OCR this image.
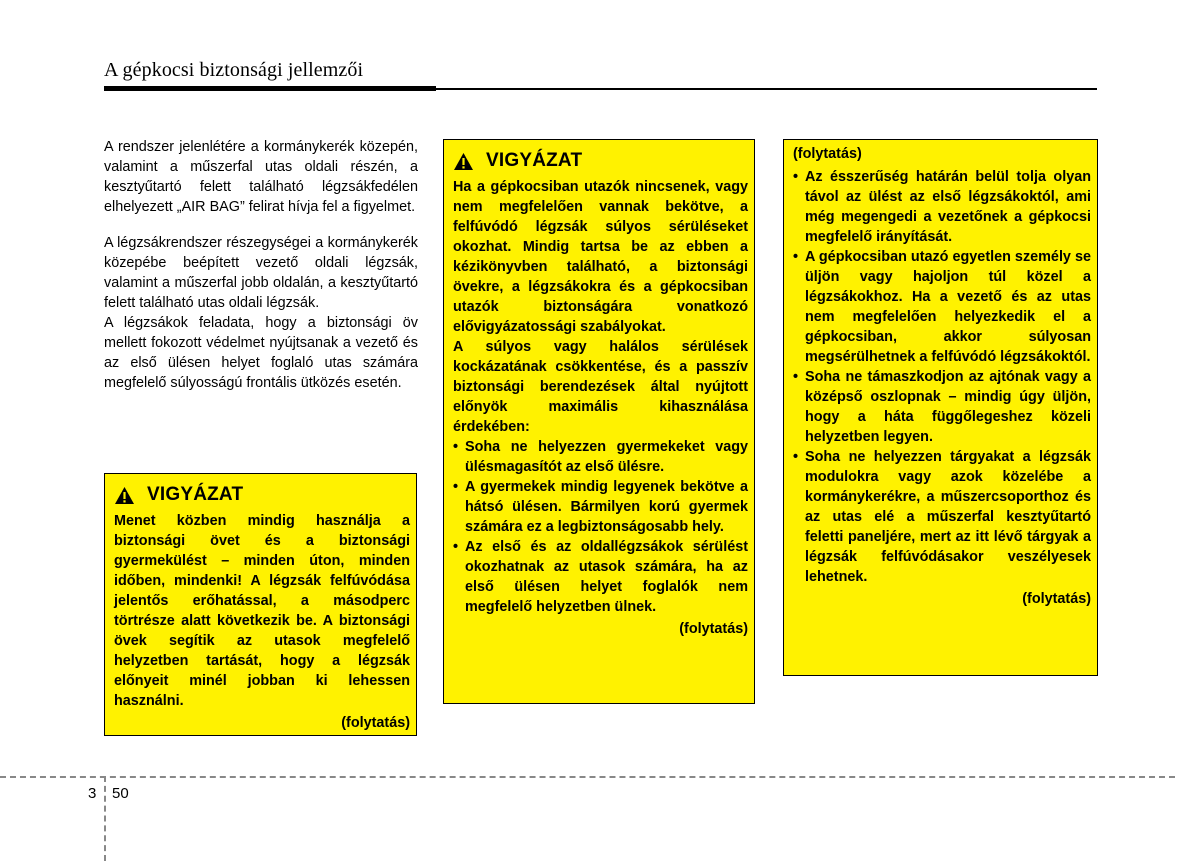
A gépkocsi biztonsági jellemzői

A rendszer jelenlétére a kormánykerék közepén, valamint a műszerfal utas oldali részén, a kesztyűtartó felett található légzsákfedélen elhelyezett „AIR BAG” felirat hívja fel a figyelmet.

A légzsákrendszer részegységei a kormánykerék közepébe beépített vezető oldali légzsák, valamint a műszerfal jobb oldalán, a kesztyűtartó felett található utas oldali légzsák.

A légzsákok feladata, hogy a biztonsági öv mellett fokozott védelmet nyújtsanak a vezető és az első ülésen helyet foglaló utas számára megfelelő súlyosságú frontális ütközés esetén.

VIGYÁZAT

Menet közben mindig használja a biztonsági övet és a biztonsági gyermekülést – minden úton, minden időben, mindenki! A légzsák felfúvódása jelentős erőhatással, a másodperc törtrésze alatt következik be. A biztonsági övek segítik az utasok megfelelő helyzetben tartását, hogy a légzsák előnyeit minél jobban ki lehessen használni.

(folytatás)
VIGYÁZAT

Ha a gépkocsiban utazók nincsenek, vagy nem megfelelően vannak bekötve, a felfúvódó légzsák súlyos sérüléseket okozhat. Mindig tartsa be az ebben a kézikönyvben található, a biztonsági övekre, a légzsákokra és a gépkocsiban utazók biztonságára vonatkozó elővigyázatossági szabályokat.

A súlyos vagy halálos sérülések kockázatának csökkentése, és a passzív biztonsági berendezések által nyújtott előnyök maximális kihasználása érdekében:

• Soha ne helyezzen gyermekeket vagy ülésmagasítót az első ülésre.
• A gyermekek mindig legyenek bekötve a hátsó ülésen. Bármilyen korú gyermek számára ez a legbiztonságosabb hely.
• Az első és az oldallégzsákok sérülést okozhatnak az utasok számára, ha az első ülésen helyet foglalók nem megfelelő helyzetben ülnek.
(folytatás)

(folytatás)

• Az ésszerűség határán belül tolja olyan távol az ülést az első légzsákoktól, ami még megengedi a vezetőnek a gépkocsi megfelelő irányítását.
• A gépkocsiban utazó egyetlen személy se üljön vagy hajoljon túl közel a légzsákokhoz. Ha a vezető és az utas nem megfelelően helyezkedik el a gépkocsiban, akkor súlyosan megsérülhetnek a felfúvódó légzsákoktól.
• Soha ne támaszkodjon az ajtónak vagy a középső oszlopnak – mindig úgy üljön, hogy a háta függőlegeshez közeli helyzetben legyen.
• Soha ne helyezzen tárgyakat a légzsák modulokra vagy azok közelébe a kormánykerékre, a műszercsoporthoz és az utas elé a műszerfal kesztyűtartó feletti paneljére, mert az itt lévő tárgyak a légzsák felfúvódásakor veszélyesek lehetnek.
(folytatás)
3 50
